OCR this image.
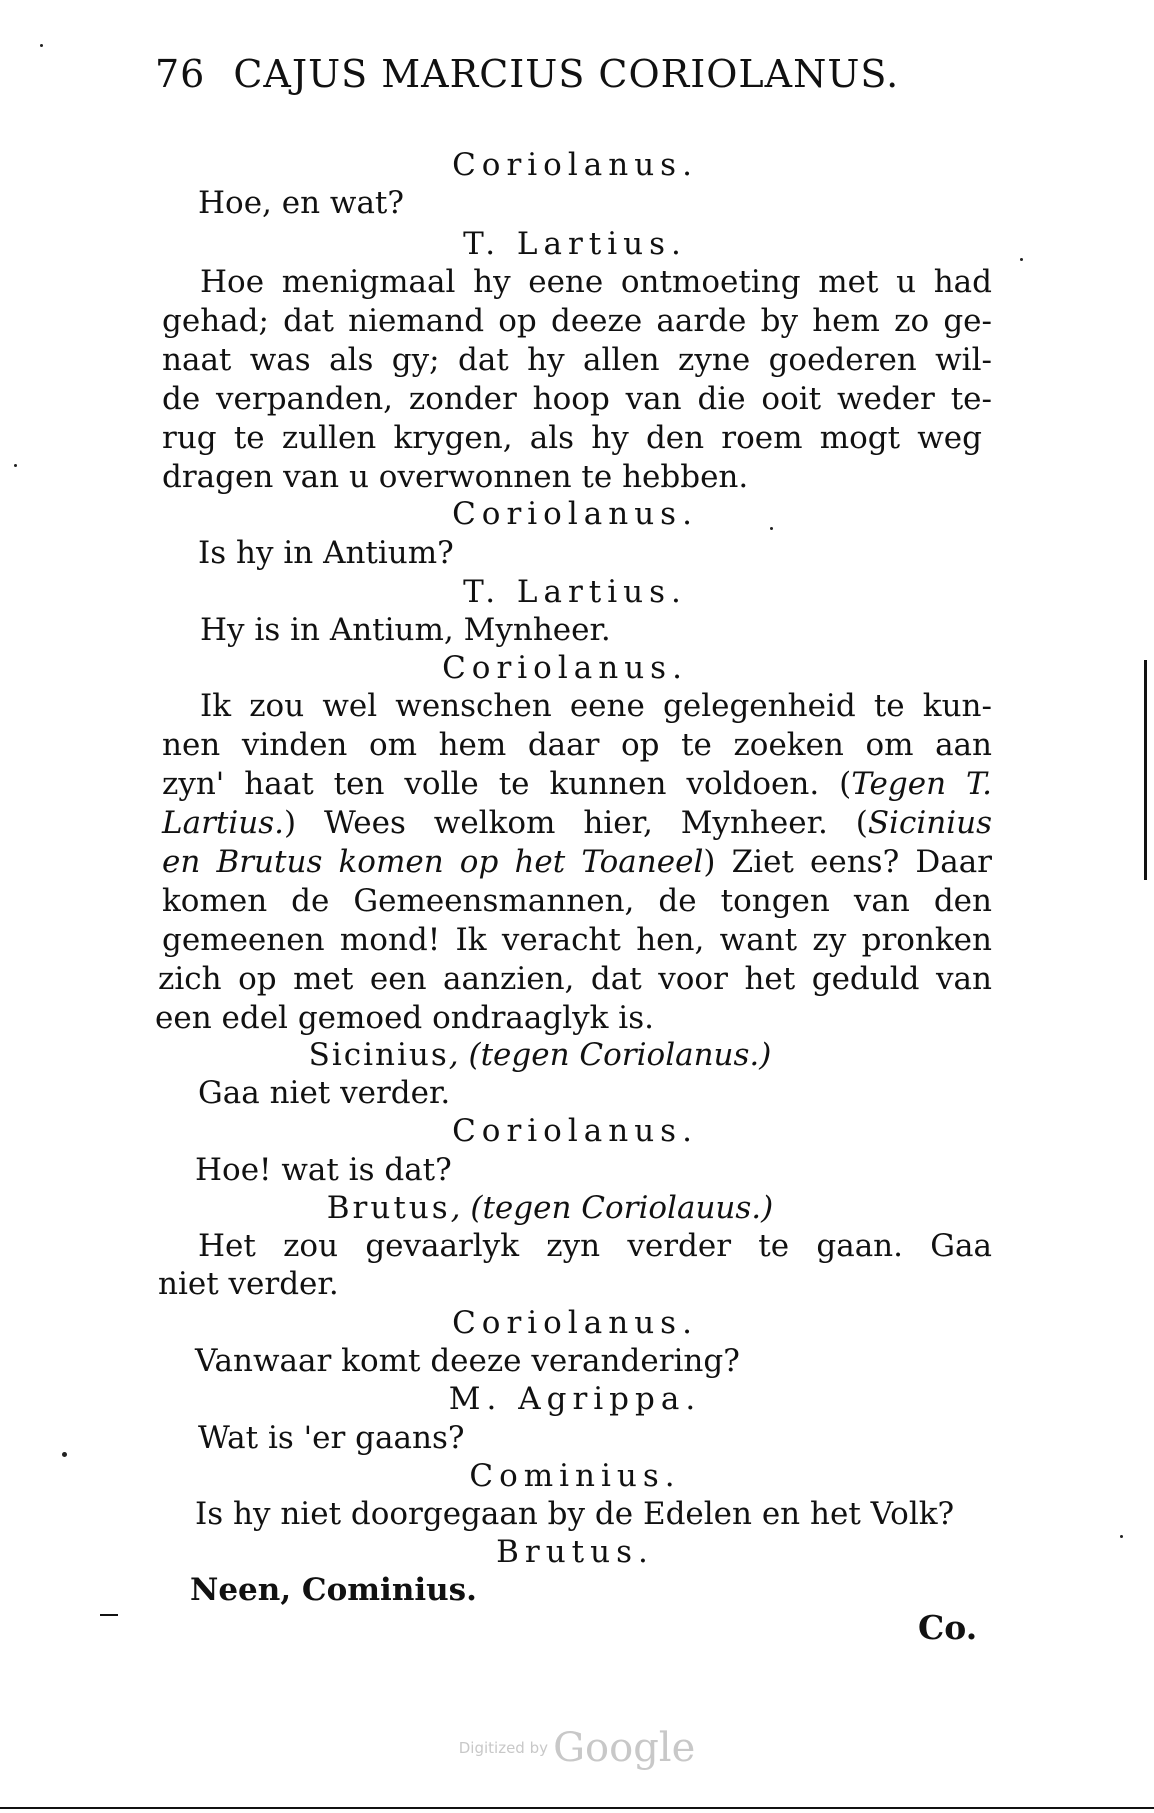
76 CAJUS MARCIUS CORIOLANUS.
Coriolanus.
Hoe, en wat?
T. Lartius.
Hoe menigmaal hy eene ontmoeting met u had
gehad; dat niemand op deeze aarde by hem zo ge-
naat was als gy; dat hy allen zyne goederen wil-
de verpanden, zonder hoop van die ooit weder te-
rug te zullen krygen, als hy den roem mogt weg
dragen van u overwonnen te hebben.
Coriolanus.
Is hy in Antium?
T. Lartius.
Hy is in Antium, Mynheer.
Coriolanus.
Ik zou wel wenschen eene gelegenheid te kun-
nen vinden om hem daar op te zoeken om aan
zyn' haat ten volle te kunnen voldoen. (Tegen T.
Lartius.) Wees welkom hier, Mynheer. (Sicinius
en Brutus komen op het Toaneel) Ziet eens? Daar
komen de Gemeensmannen, de tongen van den
gemeenen mond! Ik veracht hen, want zy pronken
zich op met een aanzien, dat voor het geduld van
een edel gemoed ondraaglyk is.
Sicinius, (tegen Coriolanus.)
Gaa niet verder.
Coriolanus.
Hoe! wat is dat?
Brutus, (tegen Coriolauus.)
Het zou gevaarlyk zyn verder te gaan. Gaa
niet verder.
Coriolanus.
Vanwaar komt deeze verandering?
M. Agrippa.
Wat is 'er gaans?
Cominius.
Is hy niet doorgegaan by de Edelen en het Volk?
Brutus.
Neen, Cominius.
Co.
Digitized by Google
